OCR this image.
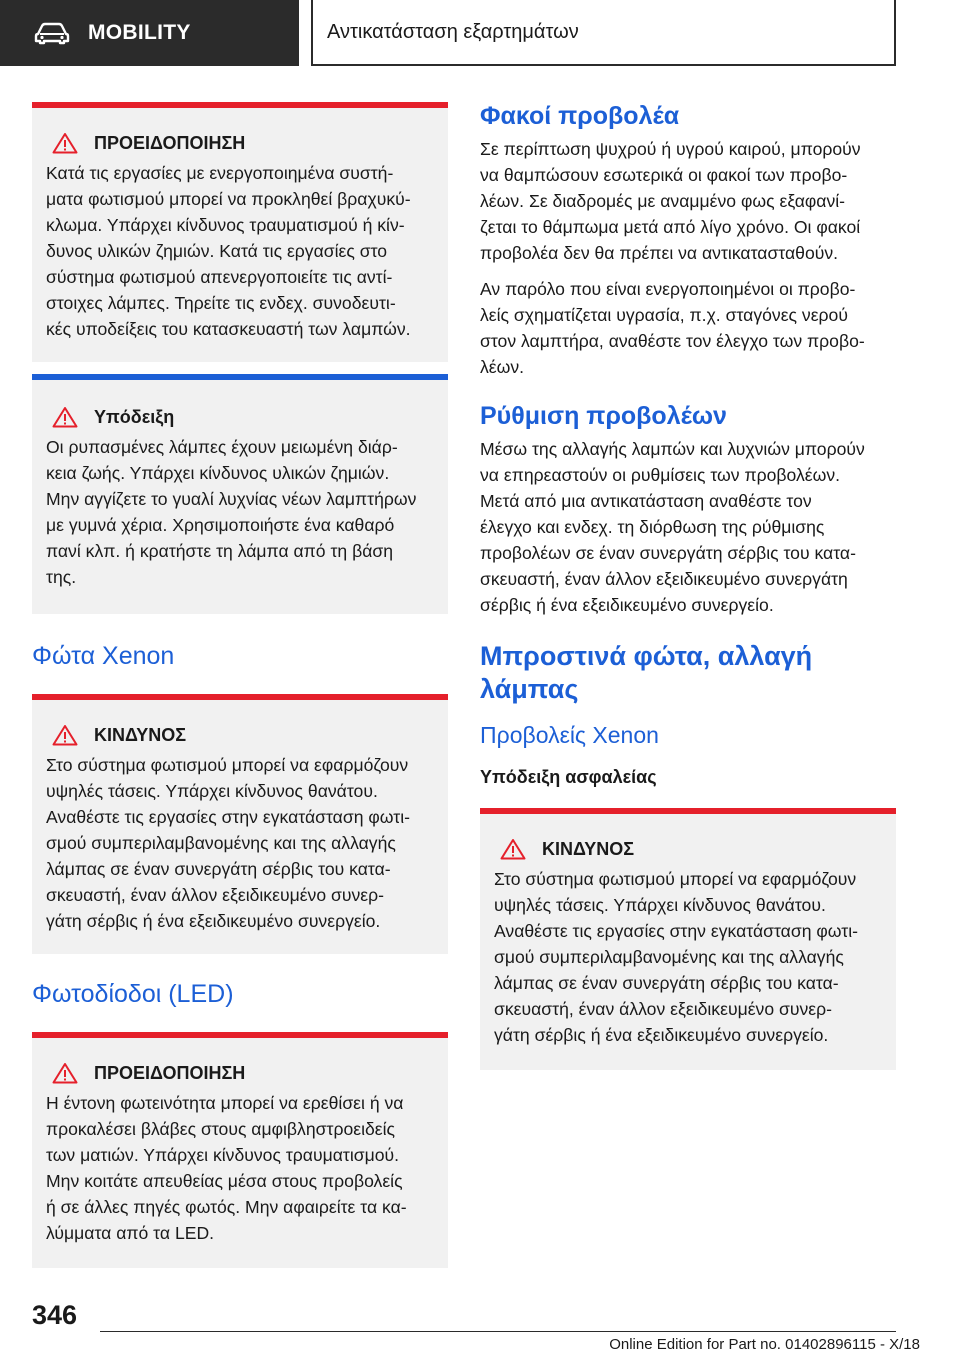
MOBILITY	Αντικατάσταση εξαρτημάτων
ΠΡΟΕΙΔΟΠΟΙΗΣΗ
Κατά τις εργασίες με ενεργοποιημένα συστή‐
ματα φωτισμού μπορεί να προκληθεί βραχυκύ‐
κλωμα. Υπάρχει κίνδυνος τραυματισμού ή κίν‐
δυνος υλικών ζημιών. Κατά τις εργασίες στο
σύστημα φωτισμού απενεργοποιείτε τις αντί‐
στοιχες λάμπες. Τηρείτε τις ενδεχ. συνοδευτι‐
κές υποδείξεις του κατασκευαστή των λαμπών.
Υπόδειξη
Οι ρυπασμένες λάμπες έχουν μειωμένη διάρ‐
κεια ζωής. Υπάρχει κίνδυνος υλικών ζημιών.
Μην αγγίζετε το γυαλί λυχνίας νέων λαμπτήρων
με γυμνά χέρια. Χρησιμοποιήστε ένα καθαρό
πανί κλπ. ή κρατήστε τη λάμπα από τη βάση
της.
Φώτα Xenon
ΚΙΝΔΥΝΟΣ
Στο σύστημα φωτισμού μπορεί να εφαρμόζουν
υψηλές τάσεις. Υπάρχει κίνδυνος θανάτου.
Αναθέστε τις εργασίες στην εγκατάσταση φωτι‐
σμού συμπεριλαμβανομένης και της αλλαγής
λάμπας σε έναν συνεργάτη σέρβις του κατα‐
σκευαστή, έναν άλλον εξειδικευμένο συνερ‐
γάτη σέρβις ή ένα εξειδικευμένο συνεργείο.
Φωτοδίοδοι (LED)
ΠΡΟΕΙΔΟΠΟΙΗΣΗ
Η έντονη φωτεινότητα μπορεί να ερεθίσει ή να
προκαλέσει βλάβες στους αμφιβληστροειδείς
των ματιών. Υπάρχει κίνδυνος τραυματισμού.
Μην κοιτάτε απευθείας μέσα στους προβολείς
ή σε άλλες πηγές φωτός. Μην αφαιρείτε τα κα‐
λύμματα από τα LED.
Φακοί προβολέα

Σε περίπτωση ψυχρού ή υγρού καιρού, μπορούν
να θαμπώσουν εσωτερικά οι φακοί των προβο‐
λέων. Σε διαδρομές με αναμμένο φως εξαφανί‐
ζεται το θάμπωμα μετά από λίγο χρόνο. Οι φακοί
προβολέα δεν θα πρέπει να αντικατασταθούν.

Αν παρόλο που είναι ενεργοποιημένοι οι προβο‐
λείς σχηματίζεται υγρασία, π.χ. σταγόνες νερού
στον λαμπτήρα, αναθέστε τον έλεγχο των προβο‐
λέων.

Ρύθμιση προβολέων

Μέσω της αλλαγής λαμπών και λυχνιών μπορούν
να επηρεαστούν οι ρυθμίσεις των προβολέων.
Μετά από μια αντικατάσταση αναθέστε τον
έλεγχο και ενδεχ. τη διόρθωση της ρύθμισης
προβολέων σε έναν συνεργάτη σέρβις του κατα‐
σκευαστή, έναν άλλον εξειδικευμένο συνεργάτη
σέρβις ή ένα εξειδικευμένο συνεργείο.

Μπροστινά φώτα, αλλαγή
λάμπας
Προβολείς Xenon
Υπόδειξη ασφαλείας
ΚΙΝΔΥΝΟΣ
Στο σύστημα φωτισμού μπορεί να εφαρμόζουν
υψηλές τάσεις. Υπάρχει κίνδυνος θανάτου.
Αναθέστε τις εργασίες στην εγκατάσταση φωτι‐
σμού συμπεριλαμβανομένης και της αλλαγής
λάμπας σε έναν συνεργάτη σέρβις του κατα‐
σκευαστή, έναν άλλον εξειδικευμένο συνερ‐
γάτη σέρβις ή ένα εξειδικευμένο συνεργείο.
346
Online Edition for Part no. 01402896115 - X/18
